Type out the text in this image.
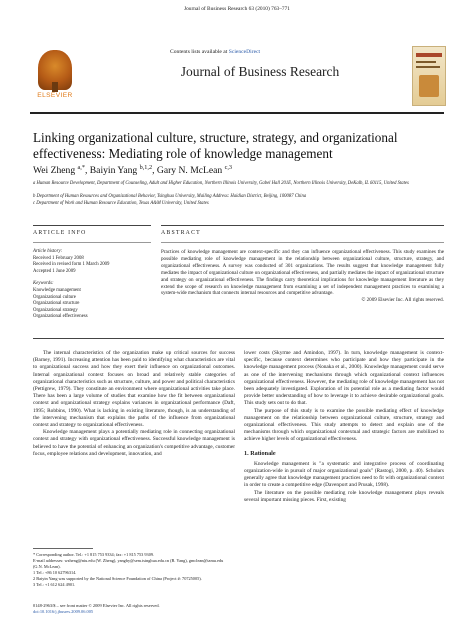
Journal of Business Research 63 (2010) 763–771
ELSEVIER
Contents lists available at ScienceDirect
Journal of Business Research
Linking organizational culture, structure, strategy, and organizational effectiveness: Mediating role of knowledge management
Wei Zheng $^{a,*}$, Baiyin Yang $^{b,1,2}$, Gary N. McLean $^{c,3}$
a Human Resource Development, Department of Counseling, Adult and Higher Education, Northern Illinois University, Gabel Hall 201E, Northern Illinois University, DeKalb, IL 60115, United States
b Department of Human Resources and Organizational Behavior, Tsinghua University, Mailing Address: Haidian District, Beijing, 100087 China
c Department of Work and Human Resource Education, Texas A&M University, United States
ARTICLE INFO	ABSTRACT
Article history:
Received 1 February 2008
Received in revised form 1 March 2009
Accepted 1 June 2009
Keywords:
Knowledge management
Organizational culture
Organizational structure
Organizational strategy
Organizational effectiveness
Practices of knowledge management are context-specific and they can influence organizational effectiveness. This study examines the possible mediating role of knowledge management in the relationship between organizational culture, structure, strategy, and organizational effectiveness. A survey was conducted of 301 organizations. The results suggest that knowledge management fully mediates the impact of organizational culture on organizational effectiveness, and partially mediates the impact of organizational structure and strategy on organizational effectiveness. The findings carry theoretical implications for knowledge management literature as they extend the scope of research on knowledge management from examining a set of independent management practices to examining a system-wide mechanism that connects internal resources and competitive advantage.
© 2009 Elsevier Inc. All rights reserved.

The internal characteristics of the organization make up critical sources for success (Barney, 1991). Increasing attention has been paid to identifying what characteristics are vital to organizational success and how they exert their influence on organizational outcomes. Internal organizational context focuses on broad and relatively stable categories of organizational characteristics such as structure, culture, and power and political characteristics (Pettigrew, 1979). They constitute an environment where organizational activities take place. There has been a large volume of studies that examine how the fit between organizational context and organizational strategy explains variances in organizational performance (Daft, 1995; Robbins, 1990). What is lacking in existing literature, though, is an understanding of the intervening mechanism that explains the paths of the influence from organizational context and strategy to organizational effectiveness.

Knowledge management plays a potentially mediating role in connecting organizational context and strategy with organizational effectiveness. Successful knowledge management is believed to have the potential of enhancing an organization's competitive advantage, customer focus, employee relations and development, innovation, and

* Corresponding author. Tel.: +1 815 753 9334; fax: +1 815 753 9309.
E-mail addresses: wzheng@niu.edu (W. Zheng), yangby@sem.tsinghua.edu.cn (B. Yang), gmclean@tamu.edu (G.N. McLean).
1 Tel.: +86 10 62796314.
2 Baiyin Yang was supported by the National Science Foundation of China (Project #: 70725005).
3 Tel.: +1 612 624 4901.
0148-2963/$ – see front matter © 2009 Elsevier Inc. All rights reserved.
doi:10.1016/j.jbusres.2009.06.005

lower costs (Skyrme and Amindon, 1997). In turn, knowledge management is context-specific, because context determines who participate and how they participate in the knowledge management process (Nonaka et al., 2000). Knowledge management could serve as one of the intervening mechanisms through which organizational context influences organizational effectiveness. However, the mediating role of knowledge management has not been adequately investigated. Exploration of its potential role as a mediating factor would provide better understanding of how to leverage it to achieve desirable organizational goals. This study sets out to do that.

The purpose of this study is to examine the possible mediating effect of knowledge management on the relationship between organizational culture, structure, strategy and organizational effectiveness. This study attempts to detect and explain one of the mechanisms through which organizational contextual and strategic factors are mobilized to achieve higher levels of organizational effectiveness.

1. Rationale

Knowledge management is "a systematic and integrative process of coordinating organization-wide in pursuit of major organizational goals" (Rastogi, 2000, p. 40). Scholars generally agree that knowledge management practices need to fit with organizational context in order to create a competitive edge (Davenport and Prusak, 1998).

The literature on the possible mediating role knowledge management plays reveals several important missing pieces. First, existing
